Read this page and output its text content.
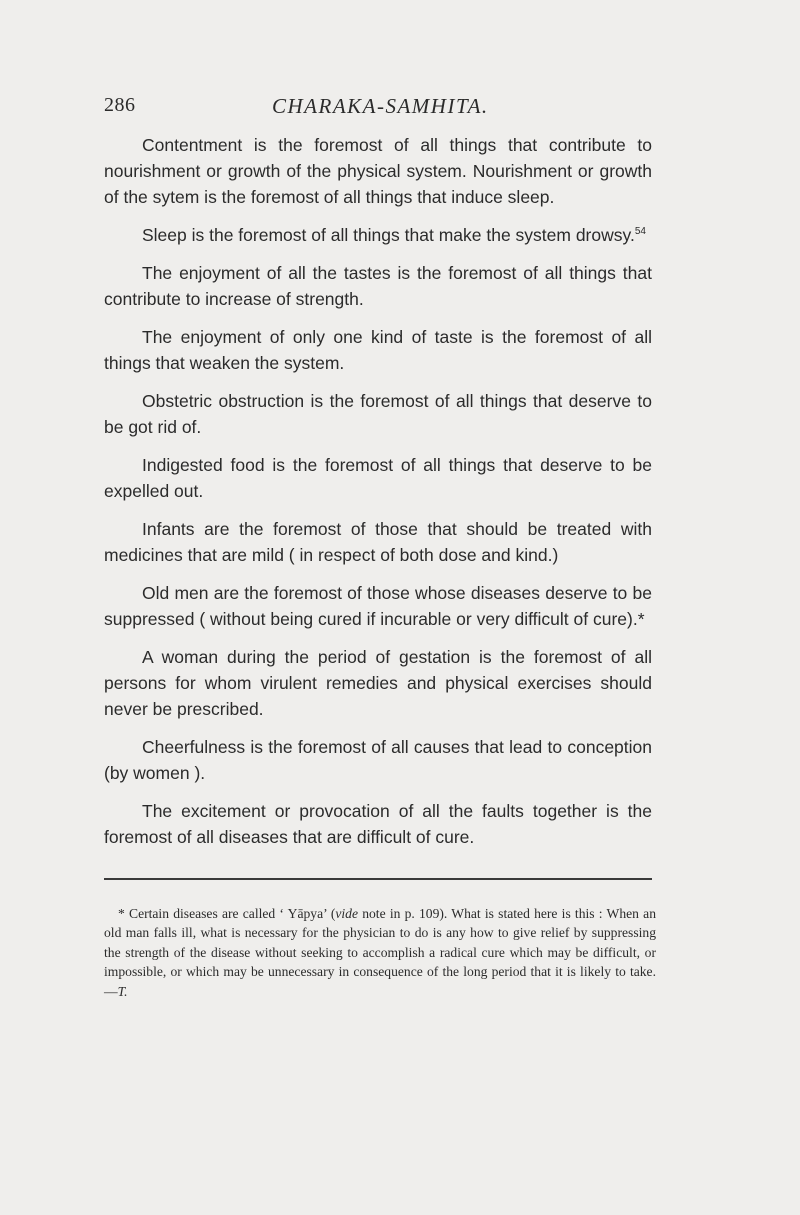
286	CHARAKA-SAMHITA.

Contentment is the foremost of all things that contribute to nourishment or growth of the physical system. Nourishment or growth of the sytem is the foremost of all things that induce sleep.

Sleep is the foremost of all things that make the system drowsy.$^{54}$

The enjoyment of all the tastes is the foremost of all things that contribute to increase of strength.

The enjoyment of only one kind of taste is the foremost of all things that weaken the system.

Obstetric obstruction is the foremost of all things that deserve to be got rid of.

Indigested food is the foremost of all things that deserve to be expelled out.

Infants are the foremost of those that should be treated with medicines that are mild ( in respect of both dose and kind.)

Old men are the foremost of those whose diseases deserve to be suppressed ( without being cured if incurable or very difficult of cure).*

A woman during the period of gestation is the foremost of all persons for whom virulent remedies and physical exercises should never be prescribed.

Cheerfulness is the foremost of all causes that lead to conception (by women ).

The excitement or provocation of all the faults together is the foremost of all diseases that are difficult of cure.

* Certain diseases are called ‘ Yāpya’ (vide note in p. 109). What is stated here is this : When an old man falls ill, what is necessary for the physician to do is any how to give relief by suppressing the strength of the disease without seeking to accomplish a radical cure which may be difficult, or impossible, or which may be unnecessary in consequence of the long period that it is likely to take.—T.
